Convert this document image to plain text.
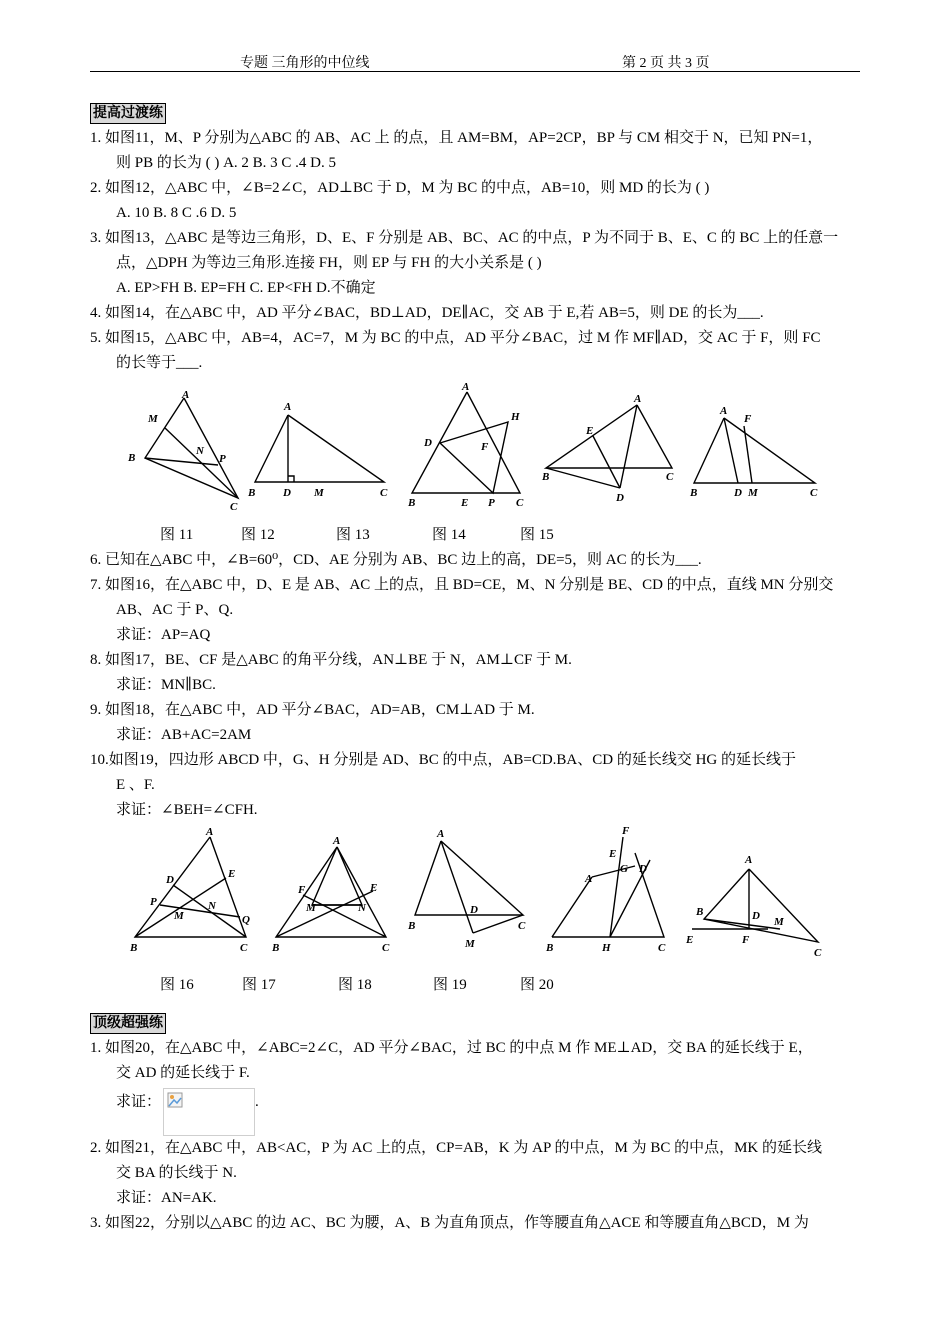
专题 三角形的中位线	第 2 页 共 3 页
提高过渡练

1. 如图11，M、P 分别为△ABC 的 AB、AC 上 的点，且 AM=BM，AP=2CP，BP 与 CM 相交于 N，已知 PN=1，
则 PB 的长为 ( ) A. 2 B. 3 C .4 D. 5

2. 如图12，△ABC 中，∠B=2∠C，AD⊥BC 于 D，M 为 BC 的中点，AB=10，则 MD 的长为 ( )
A. 10 B. 8 C .6 D. 5

3. 如图13，△ABC 是等边三角形，D、E、F 分别是 AB、BC、AC 的中点，P 为不同于 B、E、C 的 BC 上的任意一
点，△DPH 为等边三角形.连接 FH，则 EP 与 FH 的大小关系是 ( )
A. EP>FH B. EP=FH C. EP<FH D.不确定

4. 如图14，在△ABC 中，AD 平分∠BAC，BD⊥AD，DE∥AC，交 AB 于 E,若 AB=5，则 DE 的长为___.

5. 如图15，△ABC 中，AB=4，AC=7，M 为 BC 的中点，AD 平分∠BAC，过 M 作 MF∥AD，交 AC 于 F，则 FC
的长等于___.

A
M
B
N
P
C
A
B	D M	C
A
H
D	F
B	E P C
A
E
B
D
C
A
F
B	D M	C
图 11	图 12	图 13	图 14	图 15

6. 已知在△ABC 中，∠B=60⁰，CD、AE 分别为 AB、BC 边上的高，DE=5，则 AC 的长为___.

7. 如图16，在△ABC 中，D、E 是 AB、AC 上的点，且 BD=CE，M、N 分别是 BE、CD 的中点，直线 MN 分别交
AB、AC 于 P、Q.
求证：AP=AQ

8. 如图17，BE、CF 是△ABC 的角平分线，AN⊥BE 于 N，AM⊥CF 于 M.
求证：MN∥BC.

9. 如图18，在△ABC 中，AD 平分∠BAC，AD=AB，CM⊥AD 于 M.
求证：AB+AC=2AM

10.如图19，四边形 ABCD 中，G、H 分别是 AD、BC 的中点，AB=CD.BA、CD 的延长线交 HG 的延长线于
E 、F.
求证：∠BEH=∠CFH.

A
E
D
P	N
M	Q
B	C
A
F	E
M	N
B	C
A
D
B
M
C
F
E
G D
A
B	H	C
A
B	D M
E	F
C
图 16	图 17	图 18	图 19	图 20
顶级超强练

1. 如图20，在△ABC 中，∠ABC=2∠C，AD 平分∠BAC，过 BC 的中点 M 作 ME⊥AD，交 BA 的延长线于 E，
交 AD 的延长线于 F.

求证：	.

2. 如图21，在△ABC 中，AB<AC，P 为 AC 上的点，CP=AB，K 为 AP 的中点，M 为 BC 的中点，MK 的延长线
交 BA 的长线于 N.
求证：AN=AK.

3. 如图22，分别以△ABC 的边 AC、BC 为腰，A、B 为直角顶点，作等腰直角△ACE 和等腰直角△BCD，M 为
